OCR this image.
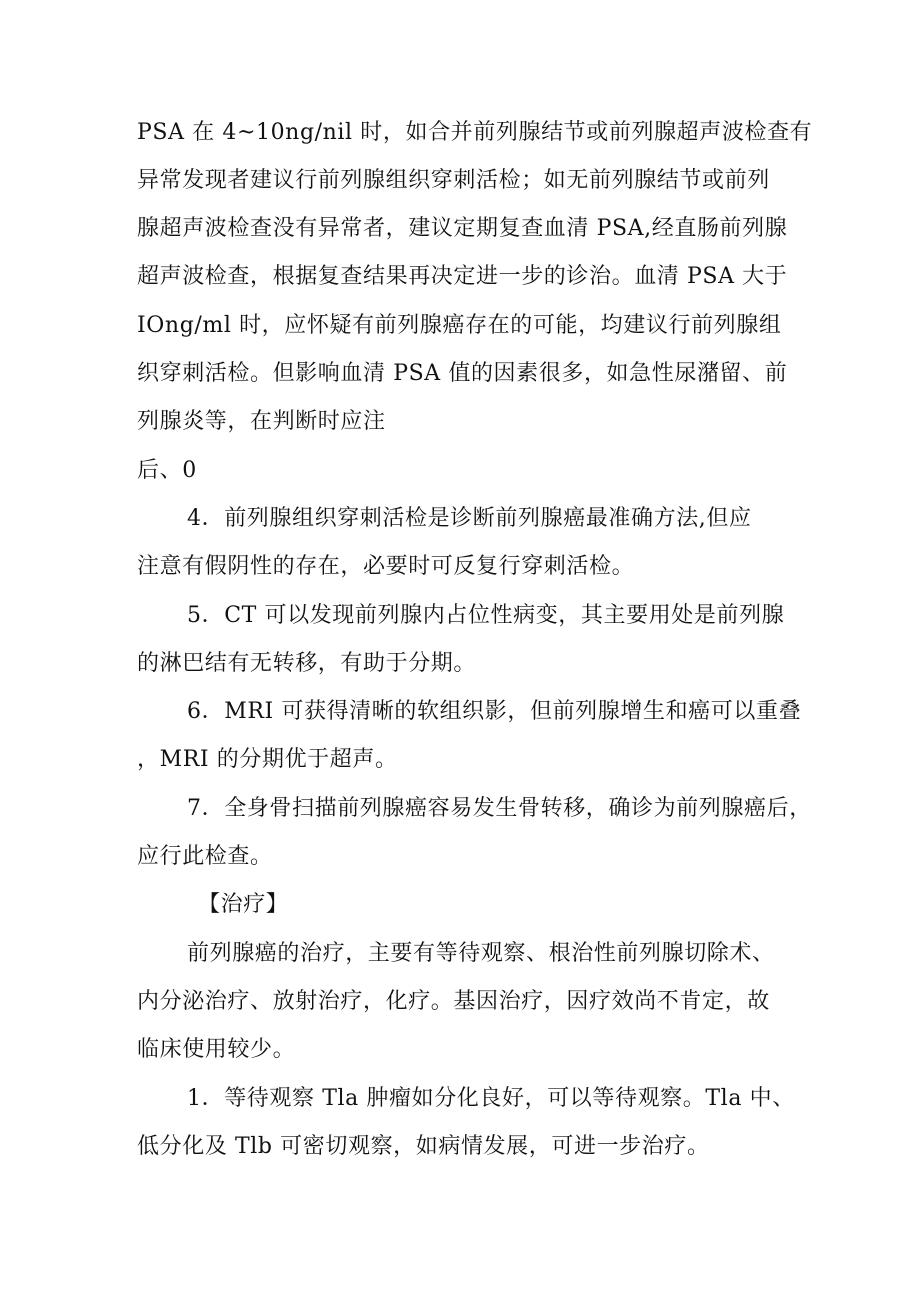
PSA 在 4~10ng/nil 时，如合并前列腺结节或前列腺超声波检查有
异常发现者建议行前列腺组织穿刺活检；如无前列腺结节或前列
腺超声波检查没有异常者，建议定期复查血清 PSA,经直肠前列腺
超声波检查，根据复查结果再决定进一步的诊治。血清 PSA 大于
IOng/ml 时，应怀疑有前列腺癌存在的可能，均建议行前列腺组
织穿刺活检。但影响血清 PSA 值的因素很多，如急性尿潴留、前
列腺炎等，在判断时应注
后、0
4．前列腺组织穿刺活检是诊断前列腺癌最准确方法,但应
注意有假阴性的存在，必要时可反复行穿刺活检。
5．CT 可以发现前列腺内占位性病变，其主要用处是前列腺
的淋巴结有无转移，有助于分期。
6．MRI 可获得清晰的软组织影，但前列腺增生和癌可以重叠
，MRI 的分期优于超声。
7．全身骨扫描前列腺癌容易发生骨转移，确诊为前列腺癌后，
应行此检查。
【治疗】
前列腺癌的治疗，主要有等待观察、根治性前列腺切除术、
内分泌治疗、放射治疗，化疗。基因治疗，因疗效尚不肯定，故
临床使用较少。
1．等待观察 Tla 肿瘤如分化良好，可以等待观察。Tla 中、
低分化及 Tlb 可密切观察，如病情发展，可进一步治疗。
